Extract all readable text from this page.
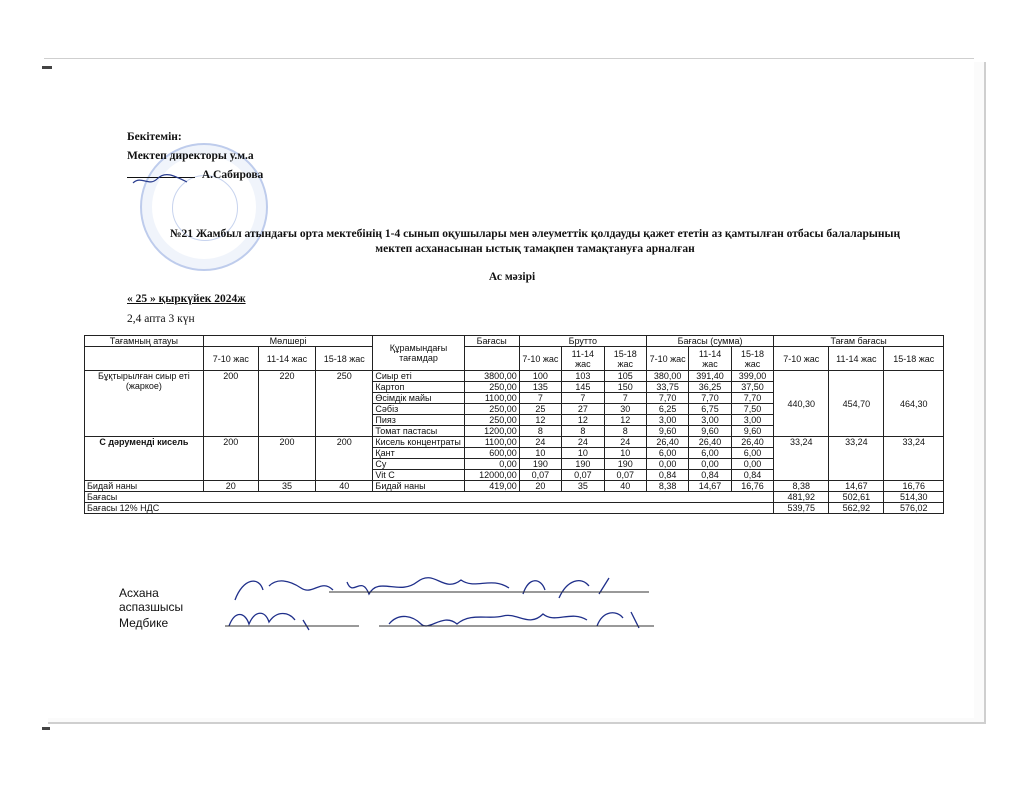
Бекітемін:
Мектеп директоры у.м.а
А.Сабирова
№21 Жамбыл атындағы орта мектебінің 1-4 сынып оқушылары мен әлеуметтік қолдауды қажет ететін аз қамтылған отбасы балаларының
мектеп асханасынан ыстық тамақпен тамақтануға арналған
Ас мәзірі
« 25 » қыркүйек 2024ж
2,4 апта 3 күн
Тағамның атауы	Мөлшері			Құрамындағы тағамдар	Бағасы	Брутто			Бағасы (сумма)			Тағам бағасы		
	7-10 жас	11-14 жас	15-18 жас			7-10 жас	11-14 жас	15-18 жас	7-10 жас	11-14 жас	15-18 жас	7-10 жас	11-14 жас	15-18 жас
Бұқтырылған сиыр еті (жаркое)	200	220	250	Сиыр еті	3800,00	100	103	105	380,00	391,40	399,00	440,30	454,70	464,30
				Картоп	250,00	135	145	150	33,75	36,25	37,50			
				Өсімдік майы	1100,00	7	7	7	7,70	7,70	7,70			
				Сәбіз	250,00	25	27	30	6,25	6,75	7,50			
				Пияз	250,00	12	12	12	3,00	3,00	3,00			
				Томат пастасы	1200,00	8	8	8	9,60	9,60	9,60			
С дәруменді кисель	200	200	200	Кисель концентраты	1100,00	24	24	24	26,40	26,40	26,40	33,24	33,24	33,24
				Қант	600,00	10	10	10	6,00	6,00	6,00			
				Су	0,00	190	190	190	0,00	0,00	0,00			
				Vit C	12000,00	0,07	0,07	0,07	0,84	0,84	0,84			
Бидай наны	20	35	40	Бидай наны	419,00	20	35	40	8,38	14,67	16,76	8,38	14,67	16,76
Бағасы												481,92	502,61	514,30
Бағасы 12% НДС												539,75	562,92	576,02
Асхана аспазшысы
Медбике
